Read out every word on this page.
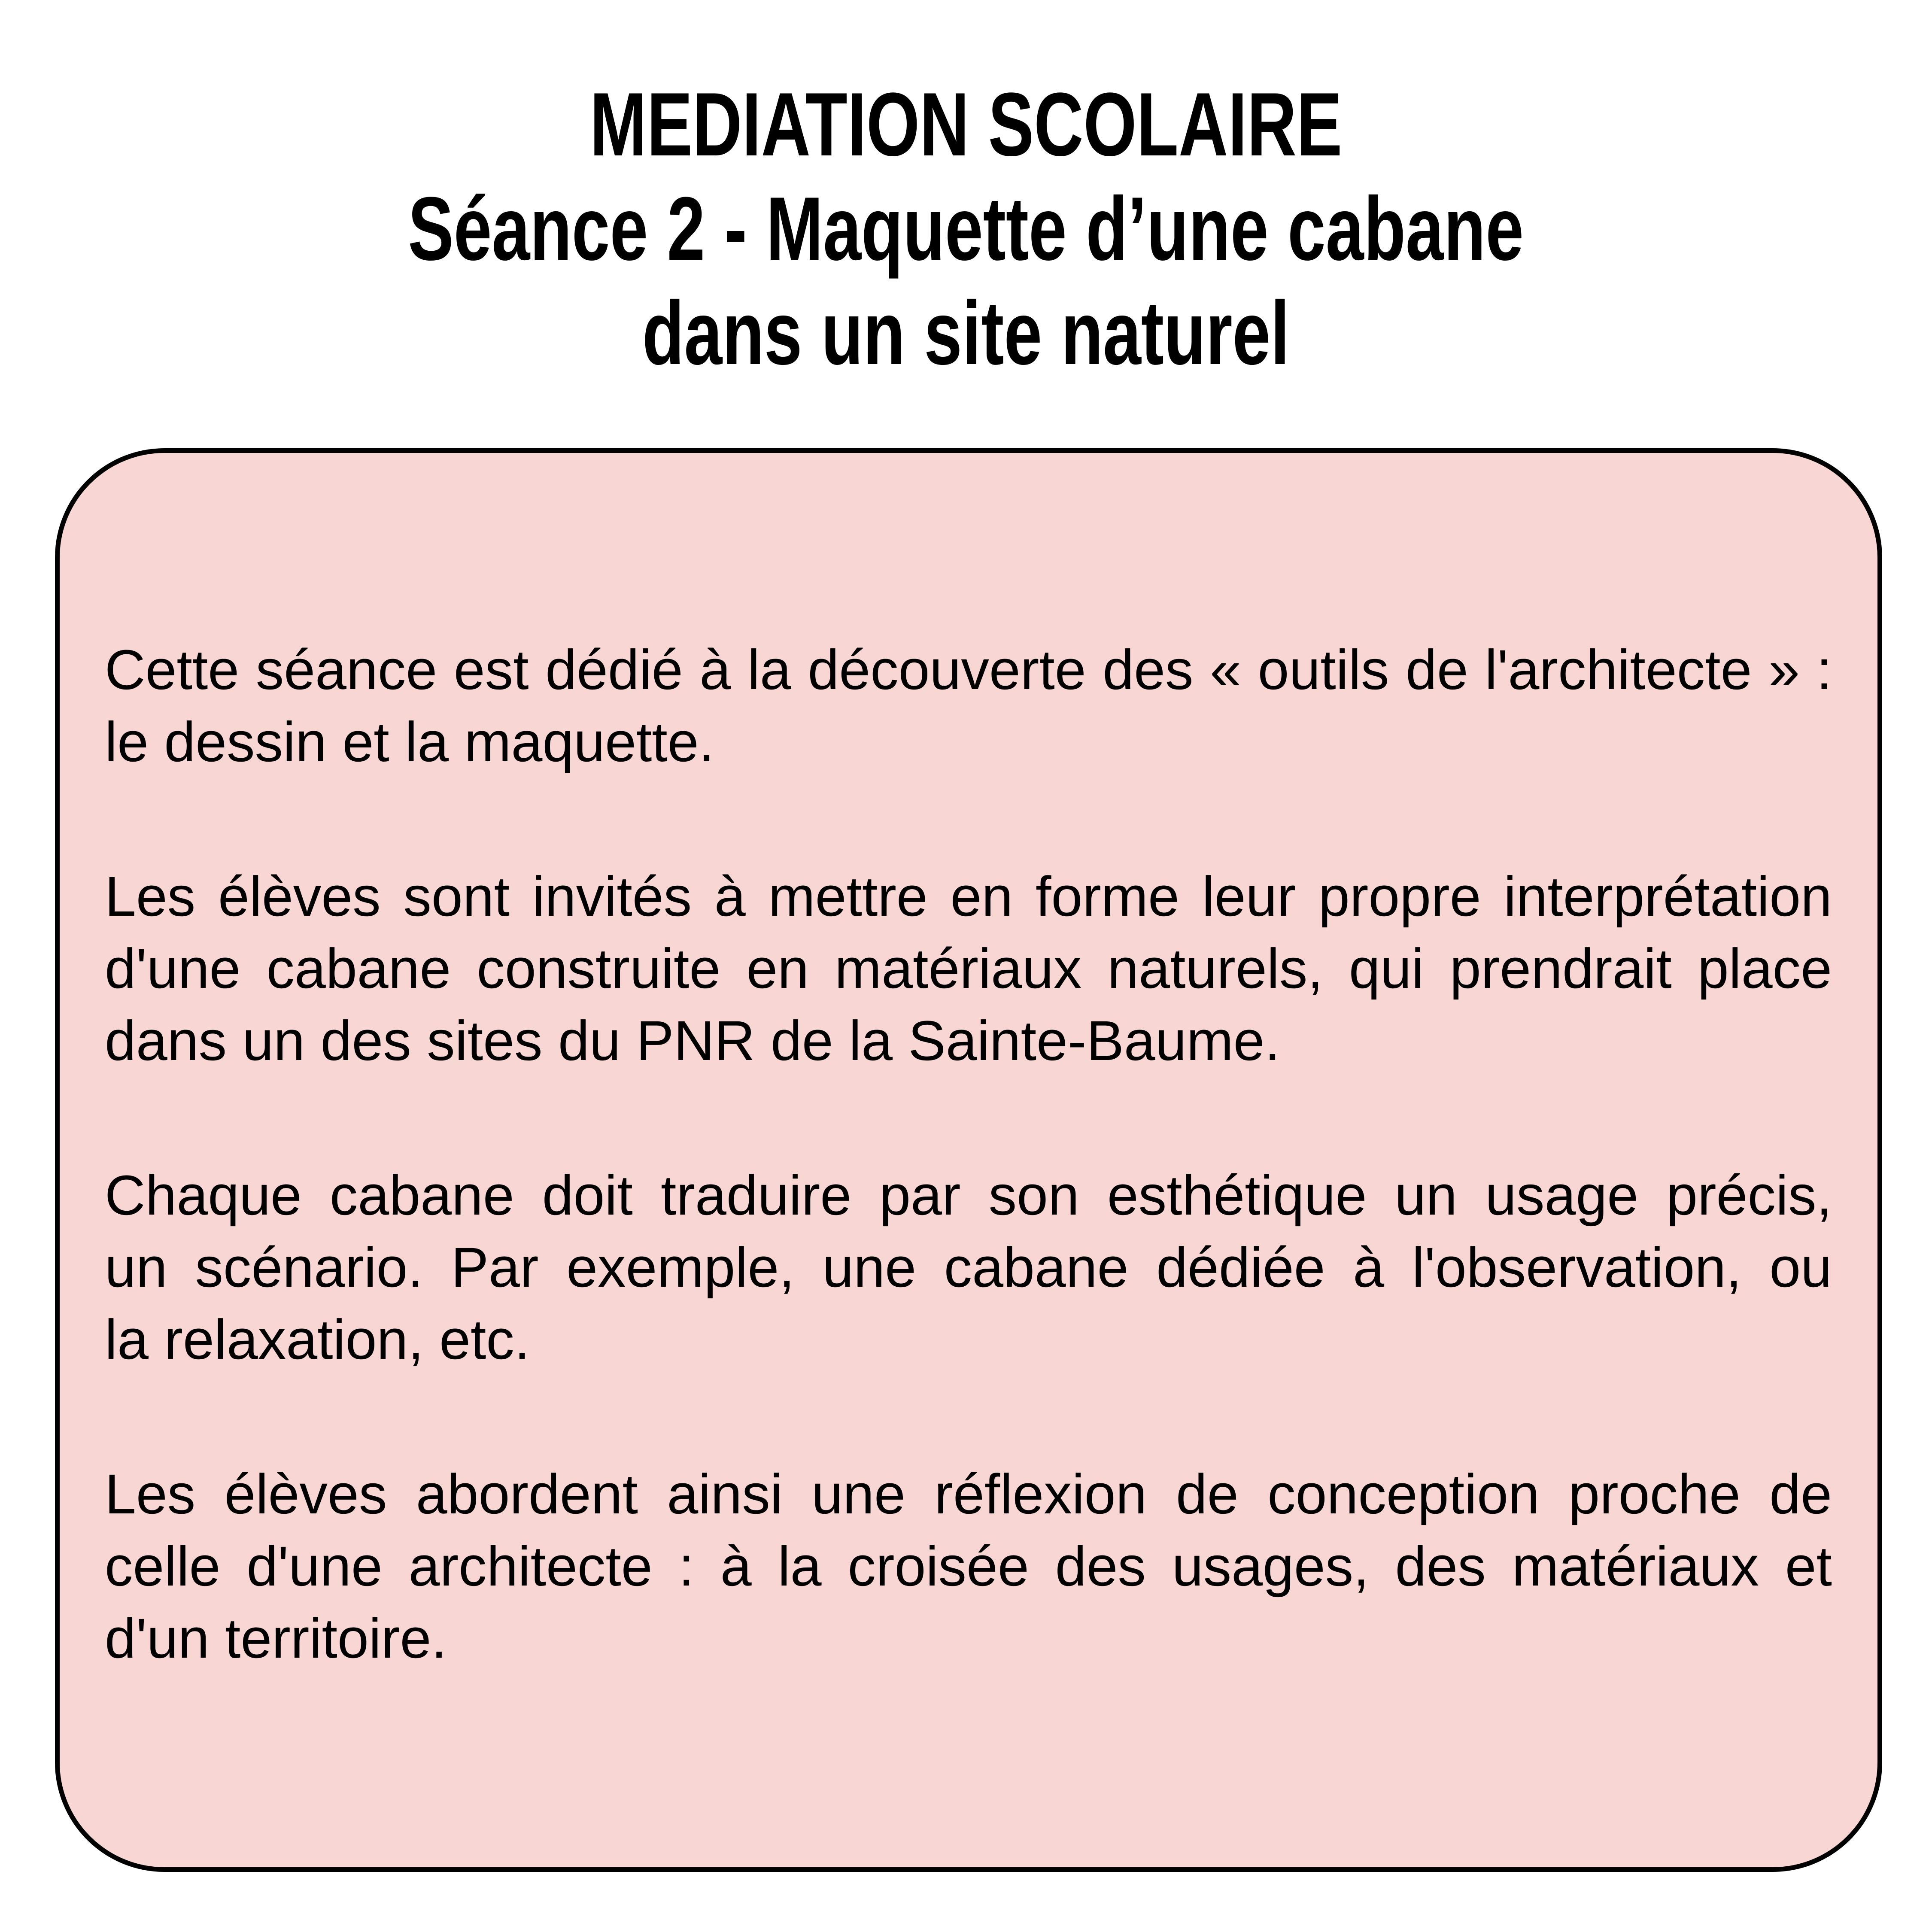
MEDIATION SCOLAIRE
Séance 2 - Maquette d’une cabane
dans un site naturel
Cette séance est dédié à la découverte des « outils de l'architecte » :
le dessin et la maquette.
Les élèves sont invités à mettre en forme leur propre interprétation
d'une cabane construite en matériaux naturels, qui prendrait place
dans un des sites du PNR de la Sainte-Baume.
Chaque cabane doit traduire par son esthétique un usage précis,
un scénario. Par exemple, une cabane dédiée à l'observation, ou
la relaxation, etc.
Les élèves abordent ainsi une réflexion de conception proche de
celle d'une architecte : à la croisée des usages, des matériaux et
d'un territoire.
